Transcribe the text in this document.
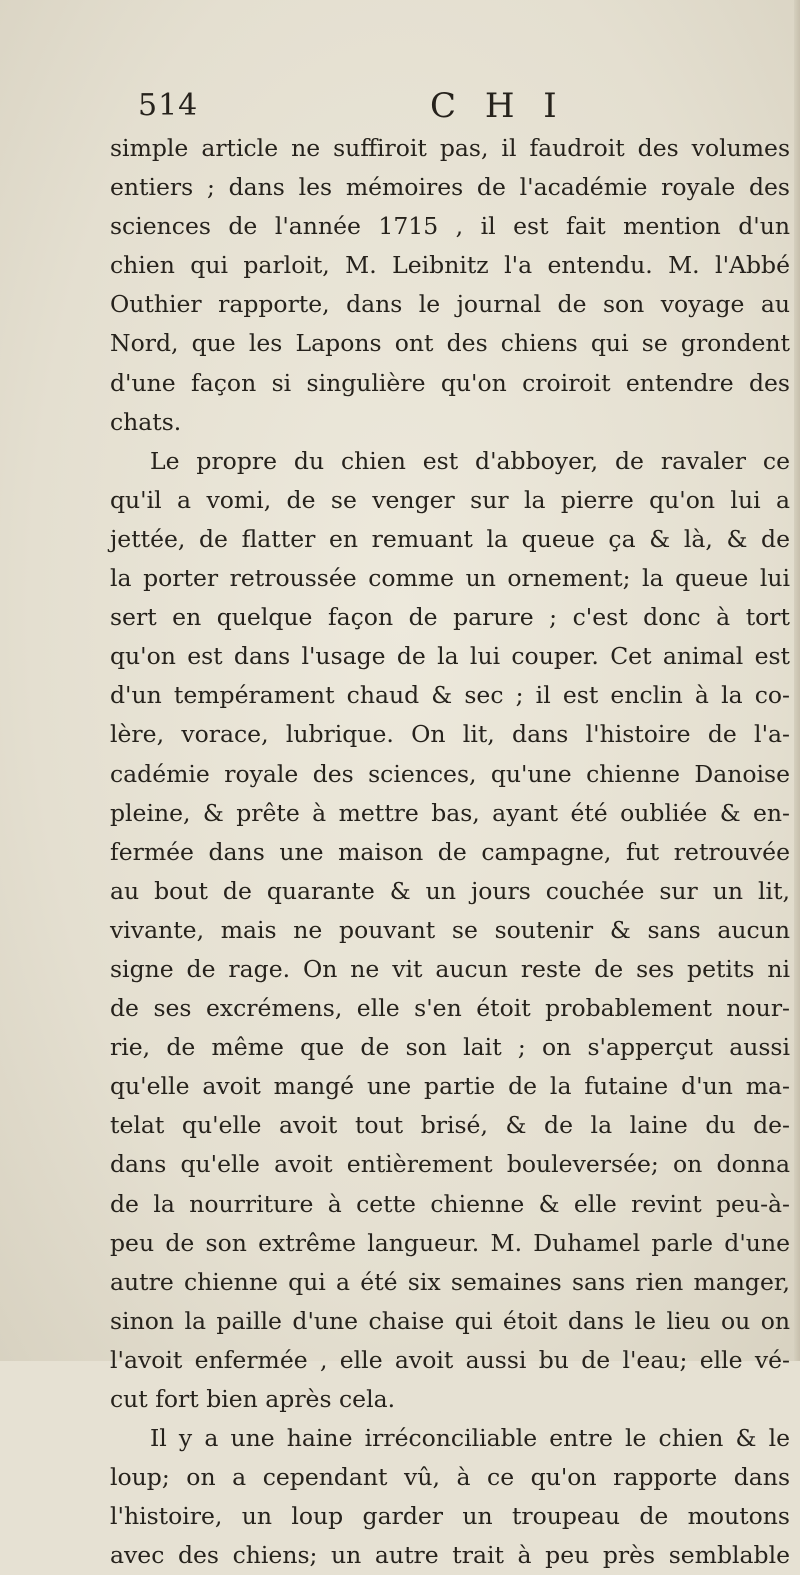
514	C H I
simple article ne suffiroit pas, il faudroit des volumes
entiers ; dans les mémoires de l'académie royale des
sciences de l'année 1715 , il est fait mention d'un
chien qui parloit, M. Leibnitz l'a entendu. M. l'Abbé
Outhier rapporte, dans le journal de son voyage au
Nord, que les Lapons ont des chiens qui se grondent
d'une façon si singulière qu'on croiroit entendre des
chats.
Le propre du chien est d'abboyer, de ravaler ce
qu'il a vomi, de se venger sur la pierre qu'on lui a
jettée, de flatter en remuant la queue ça & là, & de
la porter retroussée comme un ornement; la queue lui
sert en quelque façon de parure ; c'est donc à tort
qu'on est dans l'usage de la lui couper. Cet animal est
d'un tempérament chaud & sec ; il est enclin à la co-
lère, vorace, lubrique. On lit, dans l'histoire de l'a-
cadémie royale des sciences, qu'une chienne Danoise
pleine, & prête à mettre bas, ayant été oubliée & en-
fermée dans une maison de campagne, fut retrouvée
au bout de quarante & un jours couchée sur un lit,
vivante, mais ne pouvant se soutenir & sans aucun
signe de rage. On ne vit aucun reste de ses petits ni
de ses excrémens, elle s'en étoit probablement nour-
rie, de même que de son lait ; on s'apperçut aussi
qu'elle avoit mangé une partie de la futaine d'un ma-
telat qu'elle avoit tout brisé, & de la laine du de-
dans qu'elle avoit entièrement bouleversée; on donna
de la nourriture à cette chienne & elle revint peu-à-
peu de son extrême langueur. M. Duhamel parle d'une
autre chienne qui a été six semaines sans rien manger,
sinon la paille d'une chaise qui étoit dans le lieu ou on
l'avoit enfermée , elle avoit aussi bu de l'eau; elle vé-
cut fort bien après cela.
Il y a une haine irréconciliable entre le chien & le
loup; on a cependant vû, à ce qu'on rapporte dans
l'histoire, un loup garder un troupeau de moutons
avec des chiens; un autre trait à peu près semblable
